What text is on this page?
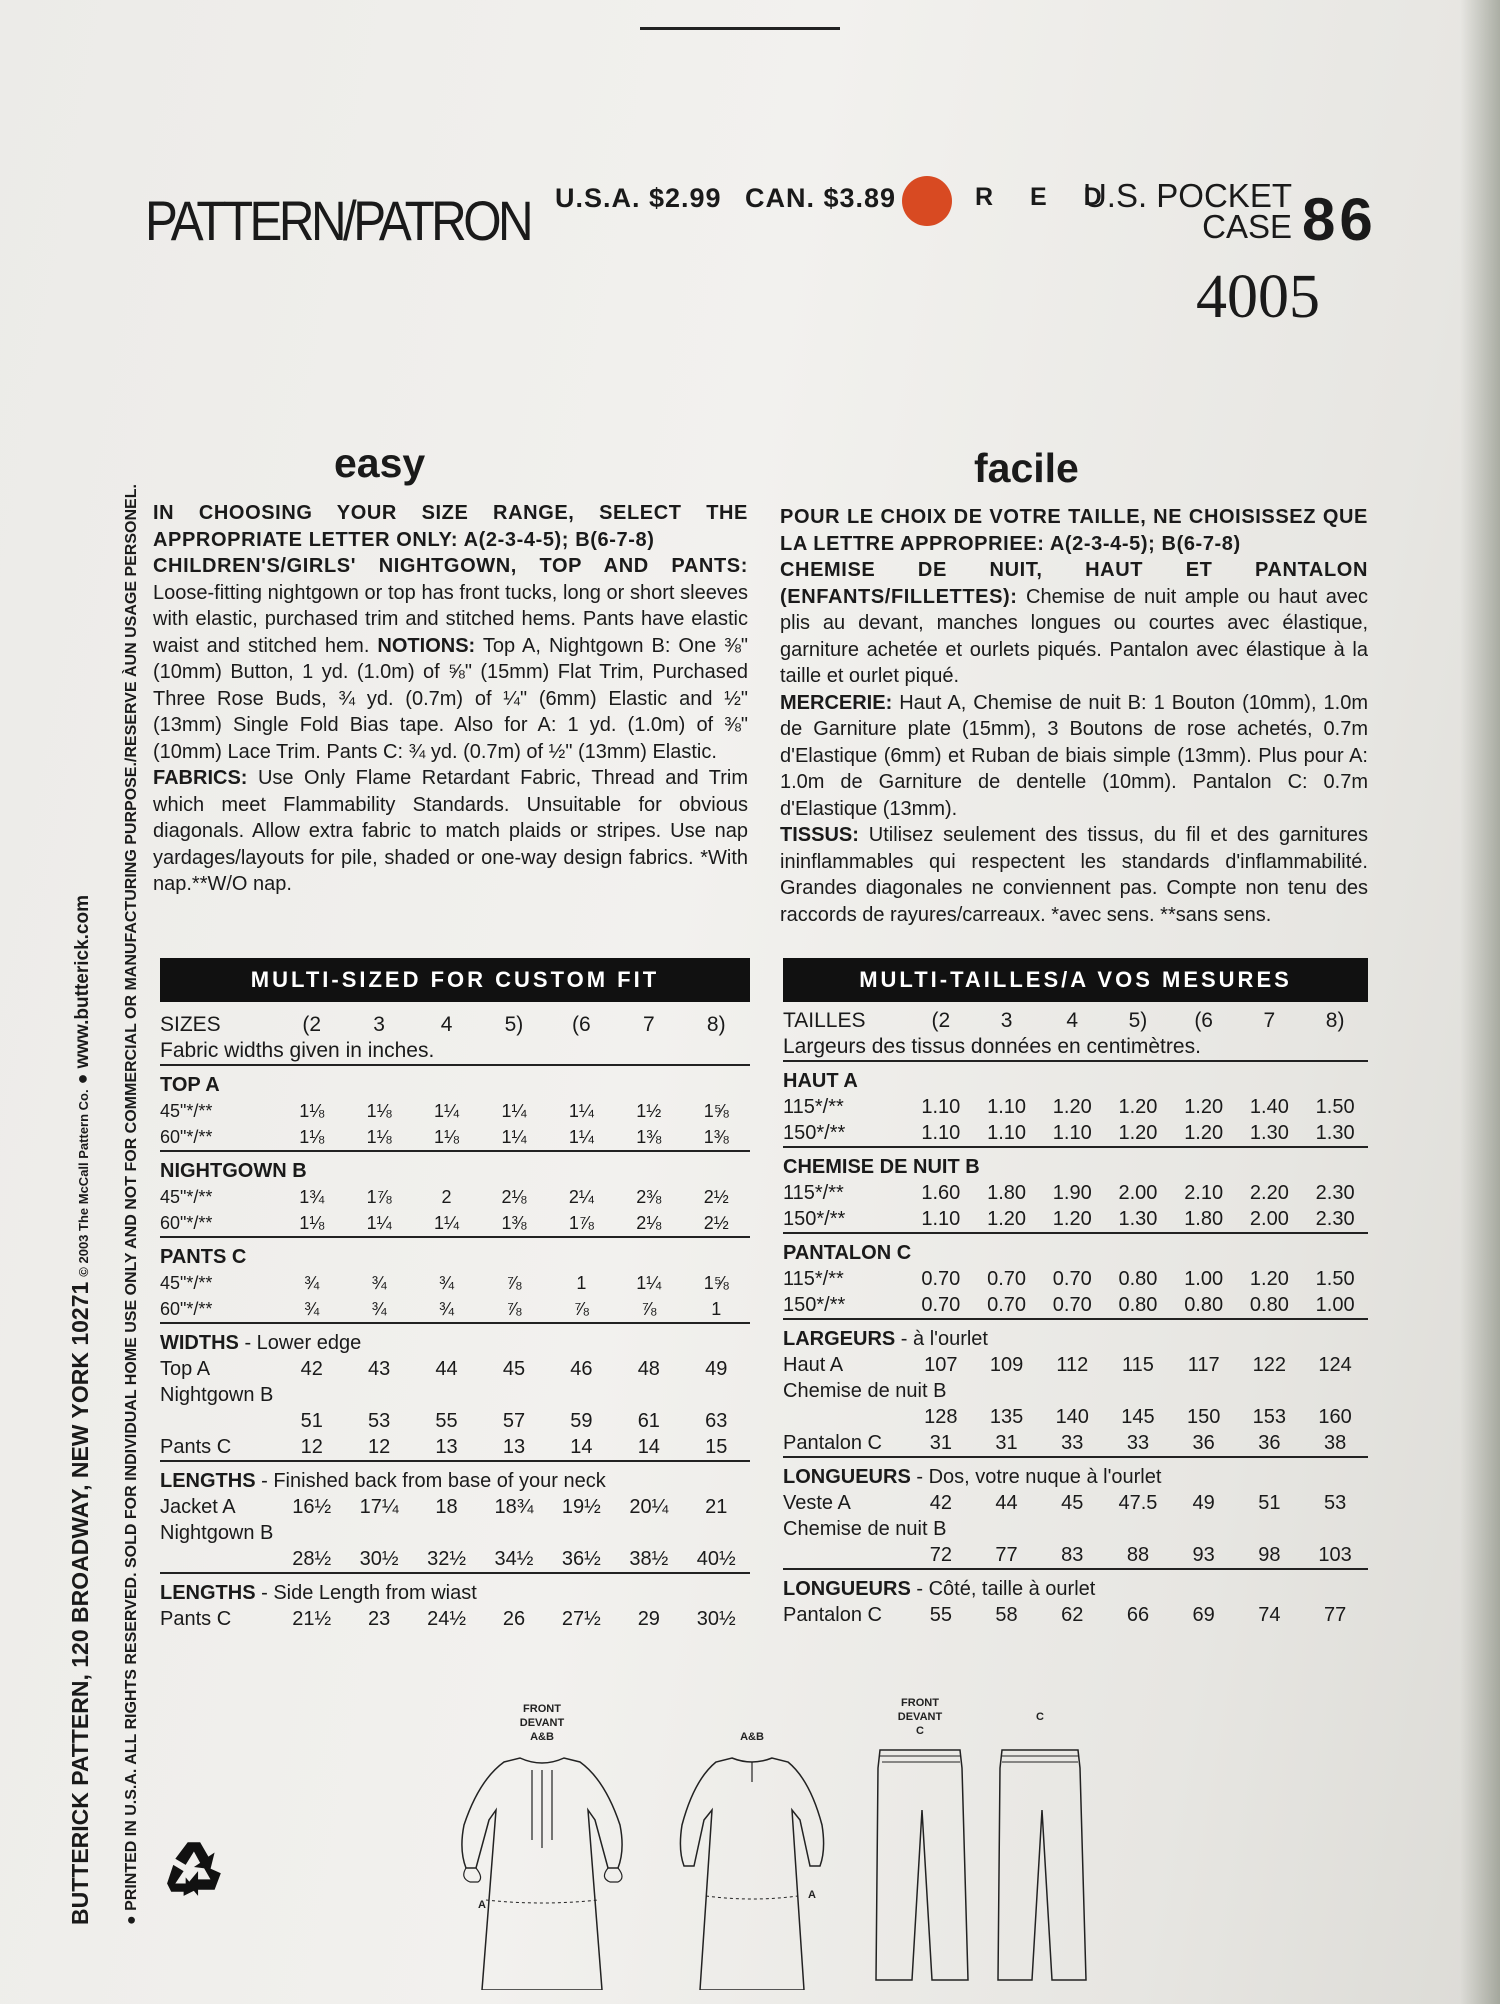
PATTERN/PATRON U.S.A. $2.99 CAN. $3.89	R E D
U.S. POCKET
CASE 86
4005
BUTTERICK PATTERN, 120 BROADWAY, NEW YORK 10271 © 2003 The McCall Pattern Co. ● www.butterick.com
● PRINTED IN U.S.A. ALL RIGHTS RESERVED. SOLD FOR INDIVIDUAL HOME USE ONLY AND NOT FOR COMMERCIAL OR MANUFACTURING PURPOSE./RESERVE ÀUN USAGE PERSONEL.
easy
IN CHOOSING YOUR SIZE RANGE, SELECT THE APPROPRIATE LETTER ONLY: A(2-3-4-5); B(6-7-8)
CHILDREN'S/GIRLS' NIGHTGOWN, TOP AND PANTS: Loose-fitting nightgown or top has front tucks, long or short sleeves with elastic, purchased trim and stitched hems. Pants have elastic waist and stitched hem. NOTIONS: Top A, Nightgown B: One ⅜" (10mm) Button, 1 yd. (1.0m) of ⅝" (15mm) Flat Trim, Purchased Three Rose Buds, ¾ yd. (0.7m) of ¼" (6mm) Elastic and ½" (13mm) Single Fold Bias tape. Also for A: 1 yd. (1.0m) of ⅜" (10mm) Lace Trim. Pants C: ¾ yd. (0.7m) of ½" (13mm) Elastic.
FABRICS: Use Only Flame Retardant Fabric, Thread and Trim which meet Flammability Standards. Unsuitable for obvious diagonals. Allow extra fabric to match plaids or stripes. Use nap yardages/layouts for pile, shaded or one-way design fabrics. *With nap.**W/O nap.
MULTI-SIZED FOR CUSTOM FIT
SIZES	(2	3	4	5)	(6	7	8)
Fabric widths given in inches.							
TOP A							
45"*/**	1⅛	1⅛	1¼	1¼	1¼	1½	1⅝
60"*/**	1⅛	1⅛	1⅛	1¼	1¼	1⅜	1⅜
NIGHTGOWN B							
45"*/**	1¾	1⅞	2	2⅛	2¼	2⅜	2½
60"*/**	1⅛	1¼	1¼	1⅜	1⅞	2⅛	2½
PANTS C							
45"*/**	¾	¾	¾	⅞	1	1¼	1⅝
60"*/**	¾	¾	¾	⅞	⅞	⅞	1
WIDTHS - Lower edge							
Top A	42	43	44	45	46	48	49
Nightgown B							
	51	53	55	57	59	61	63
Pants C	12	12	13	13	14	14	15
LENGTHS - Finished back from base of your neck							
Jacket A	16½	17¼	18	18¾	19½	20¼	21
Nightgown B							
	28½	30½	32½	34½	36½	38½	40½
LENGTHS - Side Length from wiast							
Pants C	21½	23	24½	26	27½	29	30½
facile
POUR LE CHOIX DE VOTRE TAILLE, NE CHOISISSEZ QUE LA LETTRE APPROPRIEE: A(2-3-4-5); B(6-7-8)
CHEMISE DE NUIT, HAUT ET PANTALON (ENFANTS/FILLETTES): Chemise de nuit ample ou haut avec plis au devant, manches longues ou courtes avec élastique, garniture achetée et ourlets piqués. Pantalon avec élastique à la taille et ourlet piqué.
MERCERIE: Haut A, Chemise de nuit B: 1 Bouton (10mm), 1.0m de Garniture plate (15mm), 3 Boutons de rose achetés, 0.7m d'Elastique (6mm) et Ruban de biais simple (13mm). Plus pour A: 1.0m de Garniture de dentelle (10mm). Pantalon C: 0.7m d'Elastique (13mm).
TISSUS: Utilisez seulement des tissus, du fil et des garnitures ininflammables qui respectent les standards d'inflammabilité. Grandes diagonales ne conviennent pas. Compte non tenu des raccords de rayures/carreaux. *avec sens. **sans sens.
MULTI-TAILLES/A VOS MESURES
TAILLES	(2	3	4	5)	(6	7	8)
Largeurs des tissus données en centimètres.							
HAUT A							
115*/**	1.10	1.10	1.20	1.20	1.20	1.40	1.50
150*/**	1.10	1.10	1.10	1.20	1.20	1.30	1.30
CHEMISE DE NUIT B							
115*/**	1.60	1.80	1.90	2.00	2.10	2.20	2.30
150*/**	1.10	1.20	1.20	1.30	1.80	2.00	2.30
PANTALON C							
115*/**	0.70	0.70	0.70	0.80	1.00	1.20	1.50
150*/**	0.70	0.70	0.70	0.80	0.80	0.80	1.00
LARGEURS - à l'ourlet							
Haut A	107	109	112	115	117	122	124
Chemise de nuit B							
	128	135	140	145	150	153	160
Pantalon C	31	31	33	33	36	36	38
LONGUEURS - Dos, votre nuque à l'ourlet							
Veste A	42	44	45	47.5	49	51	53
Chemise de nuit B							
	72	77	83	88	93	98	103
LONGUEURS - Côté, taille à ourlet							
Pantalon C	55	58	62	66	69	74	77
FRONT
DEVANT
A&B
A
A&B
A
FRONT
DEVANT
C
C
